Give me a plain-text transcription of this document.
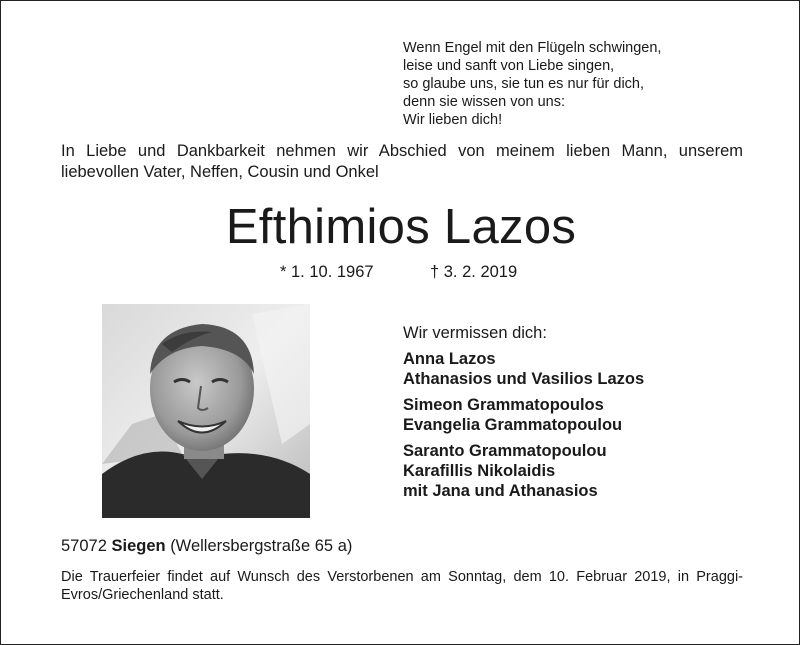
Wenn Engel mit den Flügeln schwingen,
leise und sanft von Liebe singen,
so glaube uns, sie tun es nur für dich,
denn sie wissen von uns:
Wir lieben dich!
In Liebe und Dankbarkeit nehmen wir Abschied von meinem lieben Mann, unserem liebevollen Vater, Neffen, Cousin und Onkel
Efthimios Lazos
* 1. 10. 1967	† 3. 2. 2019
Wir vermissen dich:
Anna Lazos
Athanasios und Vasilios Lazos
Simeon Grammatopoulos
Evangelia Grammatopoulou
Saranto Grammatopoulou
Karafillis Nikolaidis
mit Jana und Athanasios
57072 Siegen (Wellersbergstraße 65 a)
Die Trauerfeier findet auf Wunsch des Verstorbenen am Sonntag, dem 10. Februar 2019, in Praggi-Evros/Griechenland statt.
